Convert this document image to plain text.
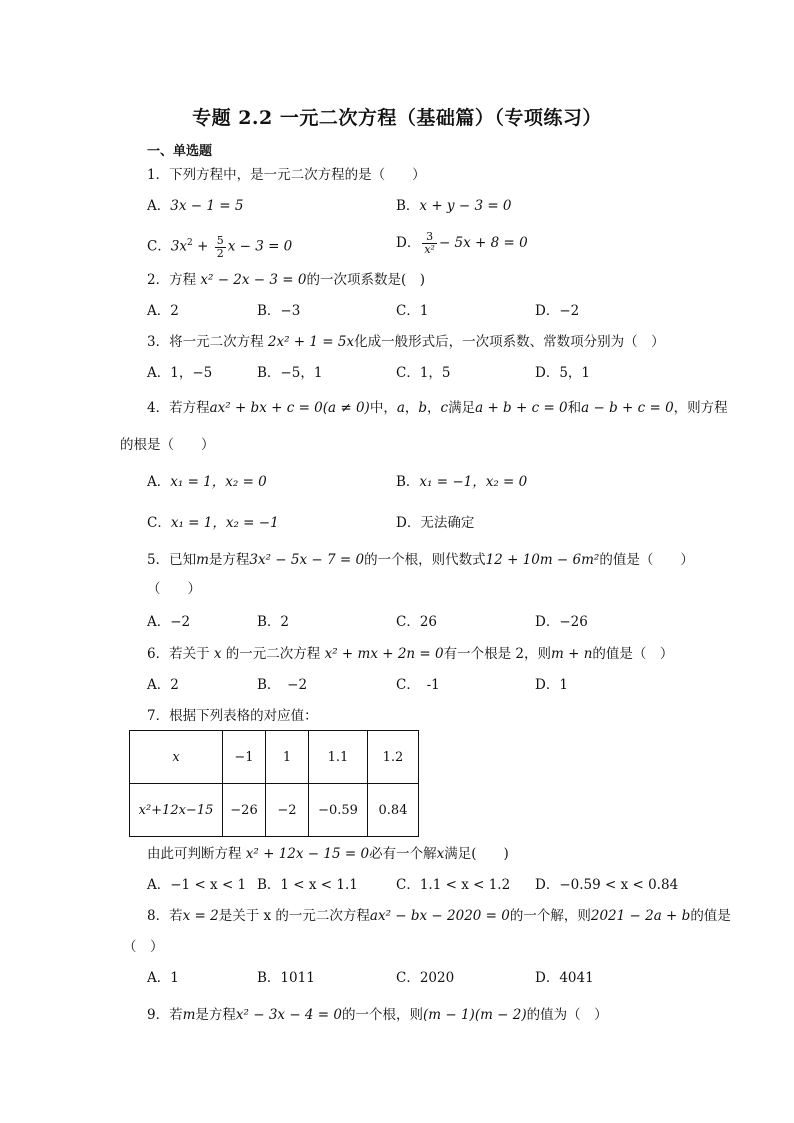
专题 2.2 一元二次方程（基础篇）（专项练习）
一、单选题
1．下列方程中，是一元二次方程的是（　　）
A．3x − 1 = 5	B．x + y − 3 = 0
C．$3x^2 + \frac{5}{2}$ x − 3 = 0	D． $\frac{3}{\text{x²}} - 5x + 8 = 0$
2．方程 x² − 2x − 3 = 0的一次项系数是(　)
A．2	B．−3	C．1	D．−2
3．将一元二次方程 2x² + 1 = 5x化成一般形式后，一次项系数、常数项分别为（　）
A．1，−5	B．−5，1	C．1，5	D．5，1
4．若方程ax² + bx + c = 0(a ≠ 0)中，a，b，c满足a + b + c = 0和a − b + c = 0，则方程
的根是（　　）
A．x₁ = 1，x₂ = 0	B．x₁ = −1，x₂ = 0
C．x₁ = 1，x₂ = −1	D．无法确定
5．已知m是方程3x² − 5x − 7 = 0的一个根，则代数式12 + 10m − 6m²的值是（　　）
（　　）
A．−2	B．2	C．26	D．−26
6．若关于 x 的一元二次方程 x² + mx + 2n = 0有一个根是 2，则m + n的值是（　）
A．2	B．　−2	C．　-1	D．1
7．根据下列表格的对应值：
x	−1	1	1.1	1.2
x²+12x−15	−26	−2	−0.59	0.84
由此可判断方程 x² + 12x − 15 = 0必有一个解x满足(　　)
A．−1 < x < 1 B．1 < x < 1.1	C．1.1 < x < 1.2 D．−0.59 < x < 0.84
8．若x = 2是关于 x 的一元二次方程ax² − bx − 2020 = 0的一个解，则2021 − 2a + b的值是
（　）
A．1	B．1011	C．2020	D．4041
9．若m是方程x² − 3x − 4 = 0的一个根，则(m − 1)(m − 2)的值为（　）
